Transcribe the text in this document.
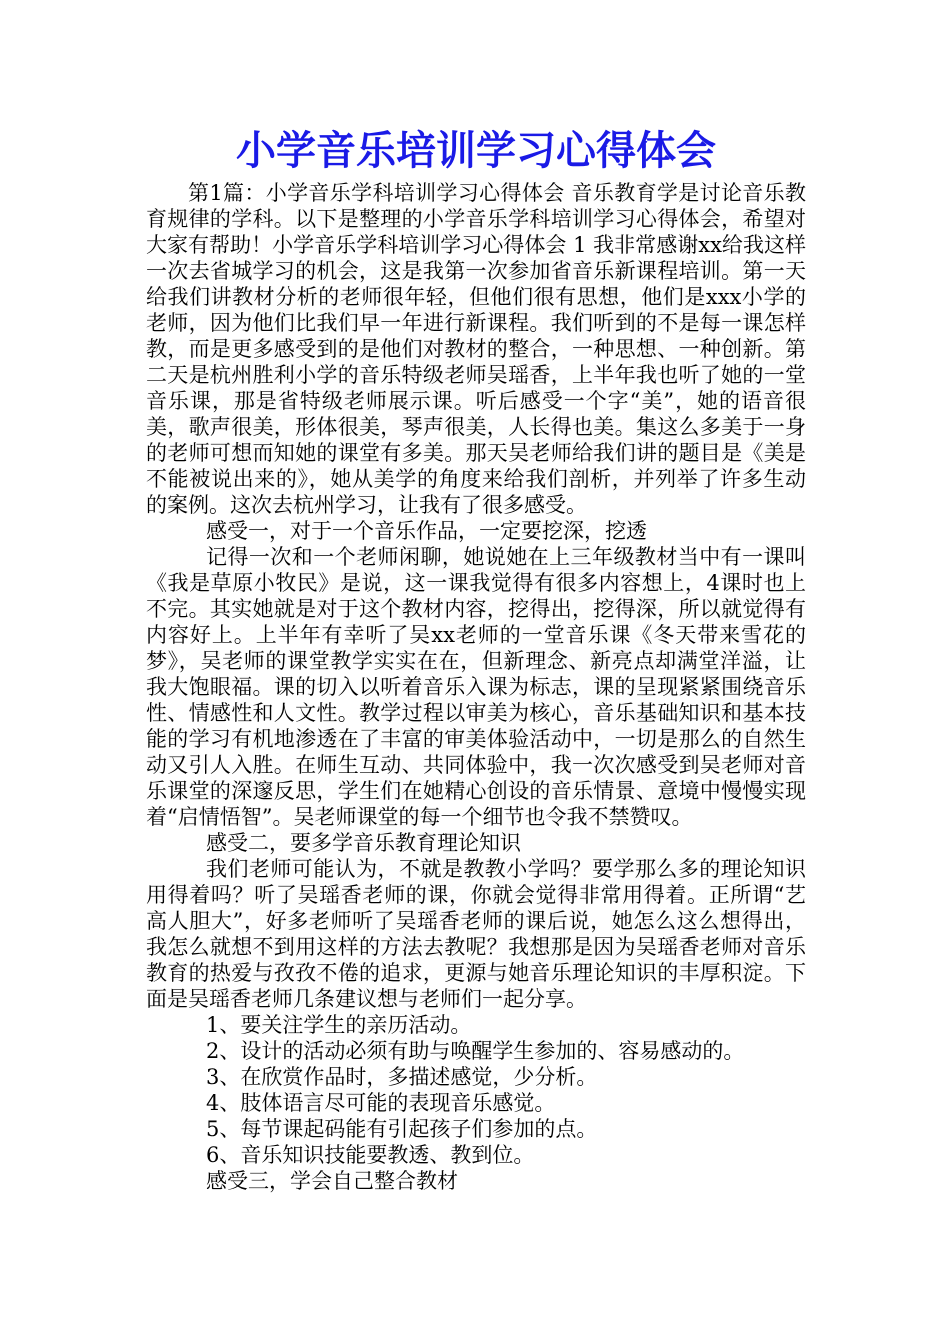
小学音乐培训学习心得体会

第1篇：小学音乐学科培训学习心得体会 音乐教育学是讨论音乐教育规律的学科。以下是整理的小学音乐学科培训学习心得体会，希望对大家有帮助！小学音乐学科培训学习心得体会 1 我非常感谢xx给我这样一次去省城学习的机会，这是我第一次参加省音乐新课程培训。第一天给我们讲教材分析的老师很年轻，但他们很有思想，他们是xxx小学的老师，因为他们比我们早一年进行新课程。我们听到的不是每一课怎样教，而是更多感受到的是他们对教材的整合，一种思想、一种创新。第二天是杭州胜利小学的音乐特级老师吴瑶香，上半年我也听了她的一堂音乐课，那是省特级老师展示课。听后感受一个字“美”，她的语音很美，歌声很美，形体很美，琴声很美，人长得也美。集这么多美于一身的老师可想而知她的课堂有多美。那天吴老师给我们讲的题目是《美是不能被说出来的》，她从美学的角度来给我们剖析，并列举了许多生动的案例。这次去杭州学习，让我有了很多感受。

感受一，对于一个音乐作品，一定要挖深，挖透

记得一次和一个老师闲聊，她说她在上三年级教材当中有一课叫《我是草原小牧民》是说，这一课我觉得有很多内容想上，4课时也上不完。其实她就是对于这个教材内容，挖得出，挖得深，所以就觉得有内容好上。上半年有幸听了吴xx老师的一堂音乐课《冬天带来雪花的梦》，吴老师的课堂教学实实在在，但新理念、新亮点却满堂洋溢，让我大饱眼福。课的切入以听着音乐入课为标志，课的呈现紧紧围绕音乐性、情感性和人文性。教学过程以审美为核心，音乐基础知识和基本技能的学习有机地渗透在了丰富的审美体验活动中，一切是那么的自然生动又引人入胜。在师生互动、共同体验中，我一次次感受到吴老师对音乐课堂的深邃反思，学生们在她精心创设的音乐情景、意境中慢慢实现着“启情悟智”。吴老师课堂的每一个细节也令我不禁赞叹。

感受二，要多学音乐教育理论知识

我们老师可能认为，不就是教教小学吗？要学那么多的理论知识用得着吗？听了吴瑶香老师的课，你就会觉得非常用得着。正所谓“艺高人胆大”，好多老师听了吴瑶香老师的课后说，她怎么这么想得出，我怎么就想不到用这样的方法去教呢？我想那是因为吴瑶香老师对音乐教育的热爱与孜孜不倦的追求，更源与她音乐理论知识的丰厚积淀。下面是吴瑶香老师几条建议想与老师们一起分享。

1、要关注学生的亲历活动。

2、设计的活动必须有助与唤醒学生参加的、容易感动的。

3、在欣赏作品时，多描述感觉，少分析。

4、肢体语言尽可能的表现音乐感觉。

5、每节课起码能有引起孩子们参加的点。

6、音乐知识技能要教透、教到位。

感受三，学会自己整合教材
